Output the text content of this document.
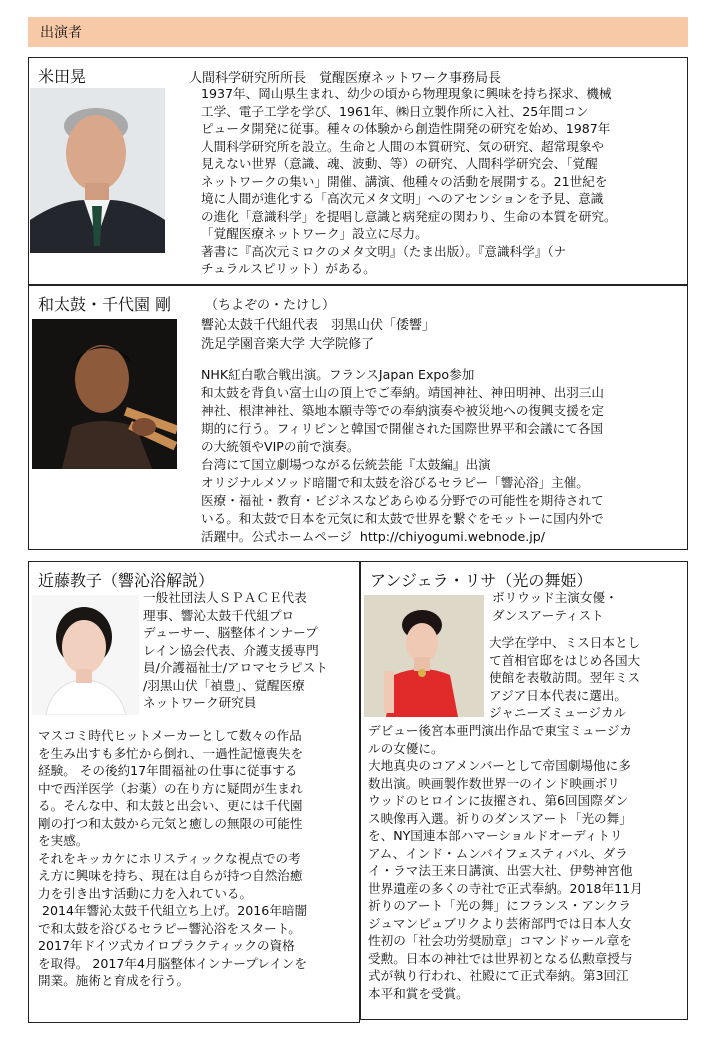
出演者
米田晃	人間科学研究所所長　覚醒医療ネットワーク事務局長
1937年、岡山県生まれ、幼少の頃から物理現象に興味を持ち探求、機械
工学、電子工学を学び、1961年、㈱日立製作所に入社、25年間コン
ピュータ開発に従事。種々の体験から創造性開発の研究を始め、1987年
人間科学研究所を設立。生命と人間の本質研究、気の研究、超常現象や
見えない世界（意識、魂、波動、等）の研究、人間科学研究会、「覚醒
ネットワークの集い」開催、講演、他種々の活動を展開する。21世紀を
境に人間が進化する「高次元メタ文明」へのアセンションを予見、意識
の進化「意識科学」を提唱し意識と病発症の関わり、生命の本質を研究。
「覚醒医療ネットワーク」設立に尽力。
著書に『高次元ミロクのメタ文明』（たま出版）。『意識科学』（ナ
チュラルスピリット）がある。
和太鼓・千代園 剛	（ちよぞの・たけし）
響沁太鼓千代組代表　羽黒山伏「倭響」
洗足学園音楽大学 大学院修了
NHK紅白歌合戦出演。フランスJapan Expo参加
和太鼓を背負い富士山の頂上でご奉納。靖国神社、神田明神、出羽三山
神社、根津神社、築地本願寺等での奉納演奏や被災地への復興支援を定
期的に行う。フィリピンと韓国で開催された国際世界平和会議にて各国
の大統領やVIPの前で演奏。
台湾にて国立劇場つながる伝統芸能『太鼓編』出演
オリジナルメソッド暗闇で和太鼓を浴びるセラピー「響沁浴」主催。
医療・福祉・教育・ビジネスなどあらゆる分野での可能性を期待されて
いる。和太鼓で日本を元気に和太鼓で世界を繋ぐをモットーに国内外で
活躍中。公式ホームページ  http://chiyogumi.webnode.jp/
近藤教子（響沁浴解説）
一般社団法人ＳＰＡＣＥ代表
理事、響沁太鼓千代組プロ
デューサー、脳整体インナープ
レイン協会代表、介護支援専門
員/介護福祉士/アロマセラピスト
/羽黒山伏「禎豊」、覚醒医療
ネットワーク研究員
マスコミ時代ヒットメーカーとして数々の作品
を生み出すも多忙から倒れ、一過性記憶喪失を
経験。 その後約17年間福祉の仕事に従事する
中で西洋医学（お薬）の在り方に疑問が生まれ
る。そんな中、和太鼓と出会い、更には千代園
剛の打つ和太鼓から元気と癒しの無限の可能性
を実感。
それをキッカケにホリスティックな視点での考
え方に興味を持ち、現在は自らが持つ自然治癒
力を引き出す活動に力を入れている。
2014年響沁太鼓千代組立ち上げ。2016年暗闇
で和太鼓を浴びるセラピー響沁浴をスタート。
2017年ドイツ式カイロプラクティックの資格
を取得。 2017年4月脳整体インナープレインを
開業。施術と育成を行う。
アンジェラ・リサ（光の舞姫）
ボリウッド主演女優・
ダンスアーティスト
大学在学中、ミス日本とし
て首相官邸をはじめ各国大
使館を表敬訪問。翌年ミス
アジア日本代表に選出。
ジャニーズミュージカル
デビュー後宮本亜門演出作品で東宝ミュージカ
ルの女優に。
大地真央のコアメンバーとして帝国劇場他に多
数出演。映画製作数世界一のインド映画ボリ
ウッドのヒロインに抜擢され、第6回国際ダン
ス映像再入選。祈りのダンスアート「光の舞」
を、NY国連本部ハマーショルドオーディトリ
アム、インド・ムンバイフェスティバル、ダラ
イ・ラマ法王来日講演、出雲大社、伊勢神宮他
世界遺産の多くの寺社で正式奉納。2018年11月
祈りのアート「光の舞」にフランス・アンクラ
ジュマンピュブリクより芸術部門では日本人女
性初の「社会功労奨励章」コマンドゥール章を
受勲。日本の神社では世界初となる仏勲章授与
式が執り行われ、社殿にて正式奉納。第3回江
本平和賞を受賞。
